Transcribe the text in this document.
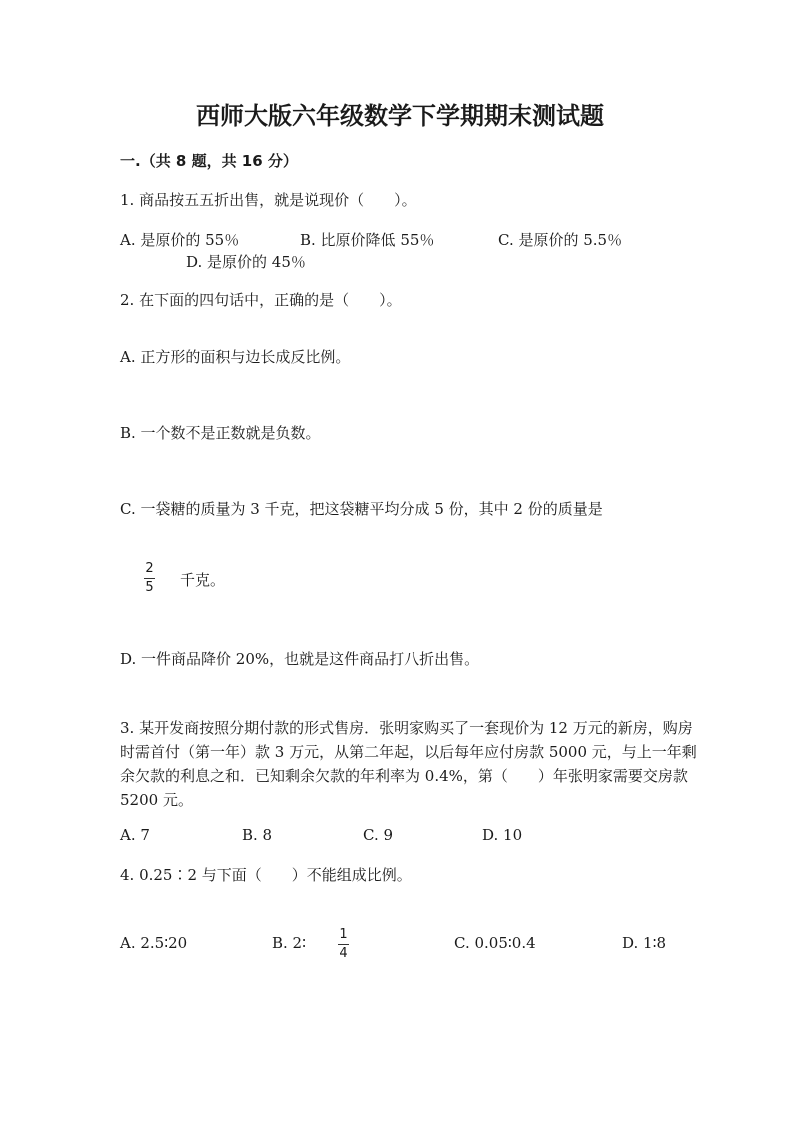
西师大版六年级数学下学期期末测试题
一.（共 8 题，共 16 分）
1. 商品按五五折出售，就是说现价（　　）。
A. 是原价的 55％	B. 比原价降低 55％	C. 是原价的 5.5％
D. 是原价的 45％
2. 在下面的四句话中，正确的是（　　）。
A. 正方形的面积与边长成反比例。
B. 一个数不是正数就是负数。
C. 一袋糖的质量为 3 千克，把这袋糖平均分成 5 份，其中 2 份的质量是
2
5 千克。
D. 一件商品降价 20%，也就是这件商品打八折出售。
3. 某开发商按照分期付款的形式售房．张明家购买了一套现价为 12 万元的新房，购房时需首付（第一年）款 3 万元，从第二年起，以后每年应付房款 5000 元，与上一年剩余欠款的利息之和．已知剩余欠款的年利率为 0.4%，第（　　）年张明家需要交房款 5200 元。
A. 7	B. 8	C. 9	D. 10
4. 0.25∶2 与下面（　　）不能组成比例。
A. 2.5∶20	B. 2∶	1
4
C. 0.05∶0.4	D. 1∶8
